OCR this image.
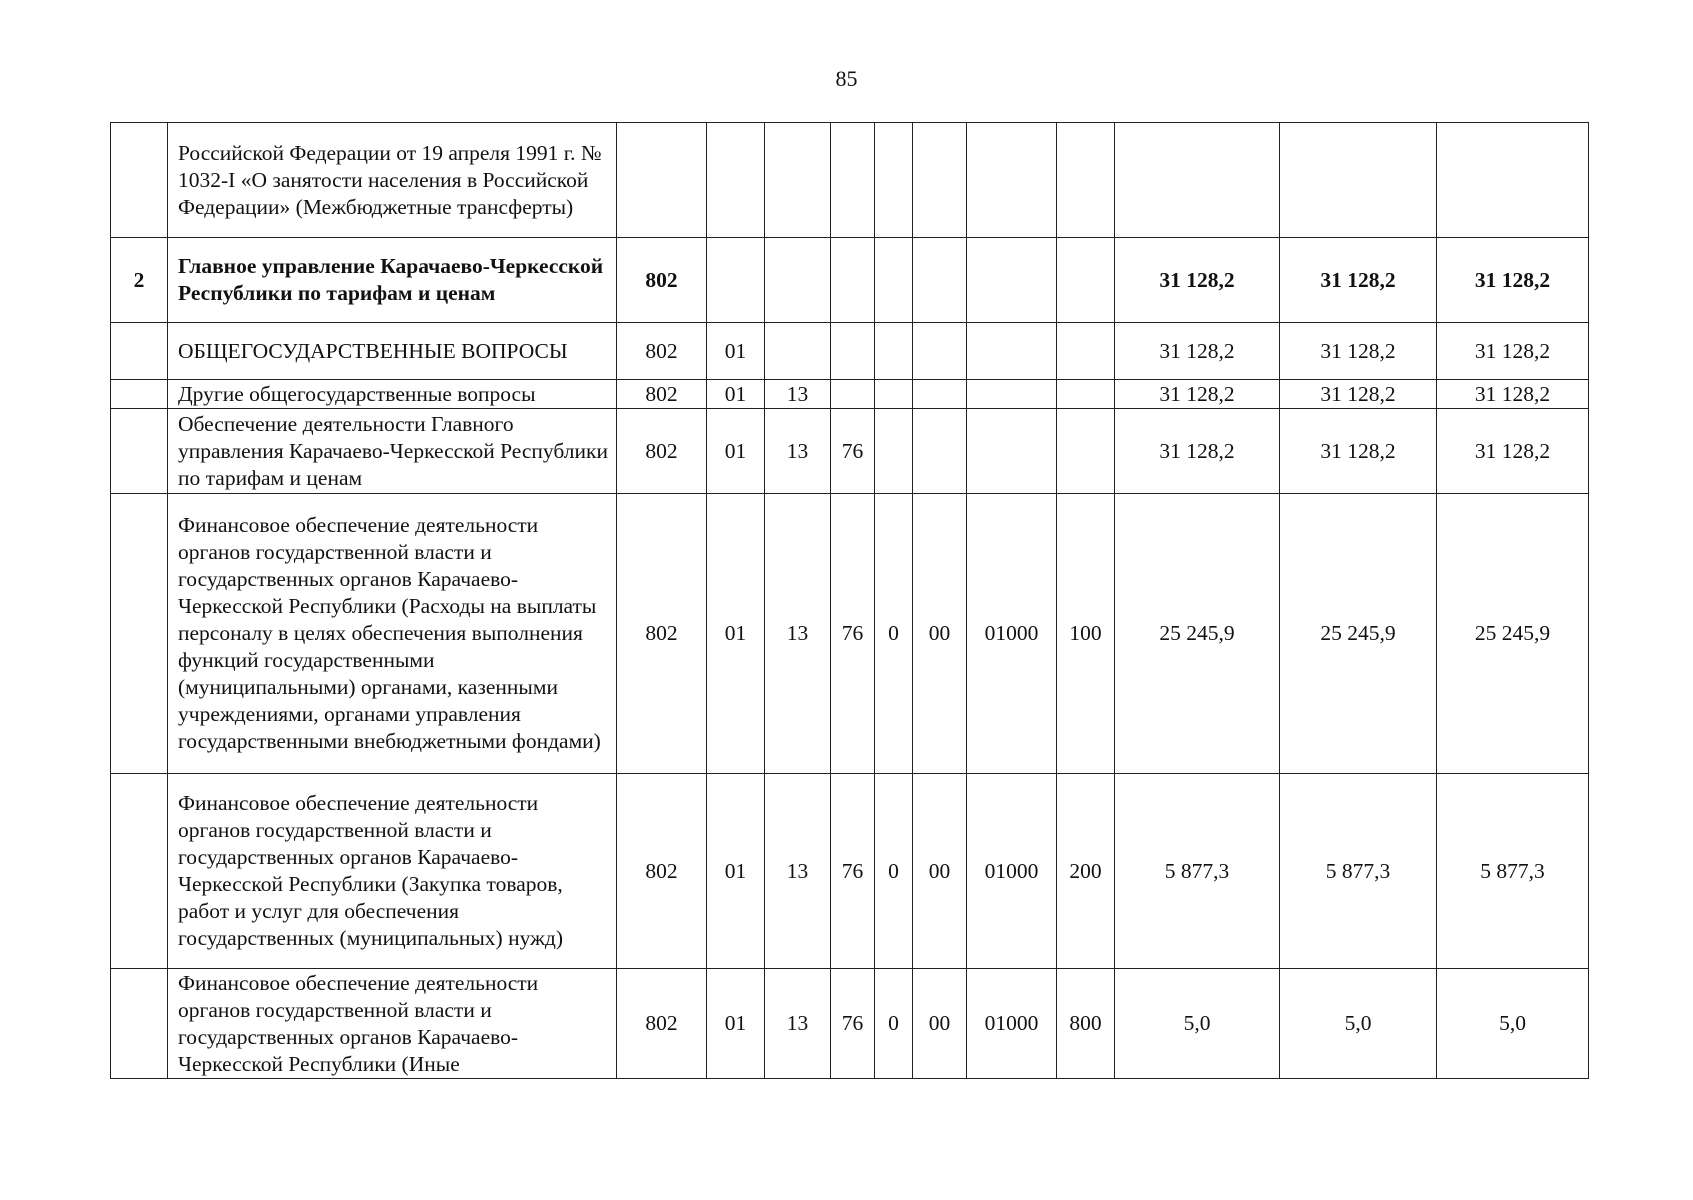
85
	Российской Федерации от 19 апреля 1991 г. № 1032-I «О занятости населения в Российской Федерации» (Межбюджетные трансферты)											
2	Главное управление Карачаево-Черкесской Республики по тарифам и ценам	802								31 128,2	31 128,2	31 128,2
	ОБЩЕГОСУДАРСТВЕННЫЕ ВОПРОСЫ	802	01							31 128,2	31 128,2	31 128,2
	Другие общегосударственные вопросы	802	01	13						31 128,2	31 128,2	31 128,2
	Обеспечение деятельности Главного управления Карачаево-Черкесской Республики по тарифам и ценам	802	01	13	76					31 128,2	31 128,2	31 128,2
	Финансовое обеспечение деятельности органов государственной власти и государственных органов Карачаево-Черкесской Республики (Расходы на выплаты персоналу в целях обеспечения выполнения функций государственными (муниципальными) органами, казенными учреждениями, органами управления государственными внебюджетными фондами)	802	01	13	76	0	00	01000	100	25 245,9	25 245,9	25 245,9
	Финансовое обеспечение деятельности органов государственной власти и государственных органов Карачаево-Черкесской Республики (Закупка товаров, работ и услуг для обеспечения государственных (муниципальных) нужд)	802	01	13	76	0	00	01000	200	5 877,3	5 877,3	5 877,3
	Финансовое обеспечение деятельности органов государственной власти и государственных органов Карачаево-Черкесской Республики (Иные	802	01	13	76	0	00	01000	800	5,0	5,0	5,0
